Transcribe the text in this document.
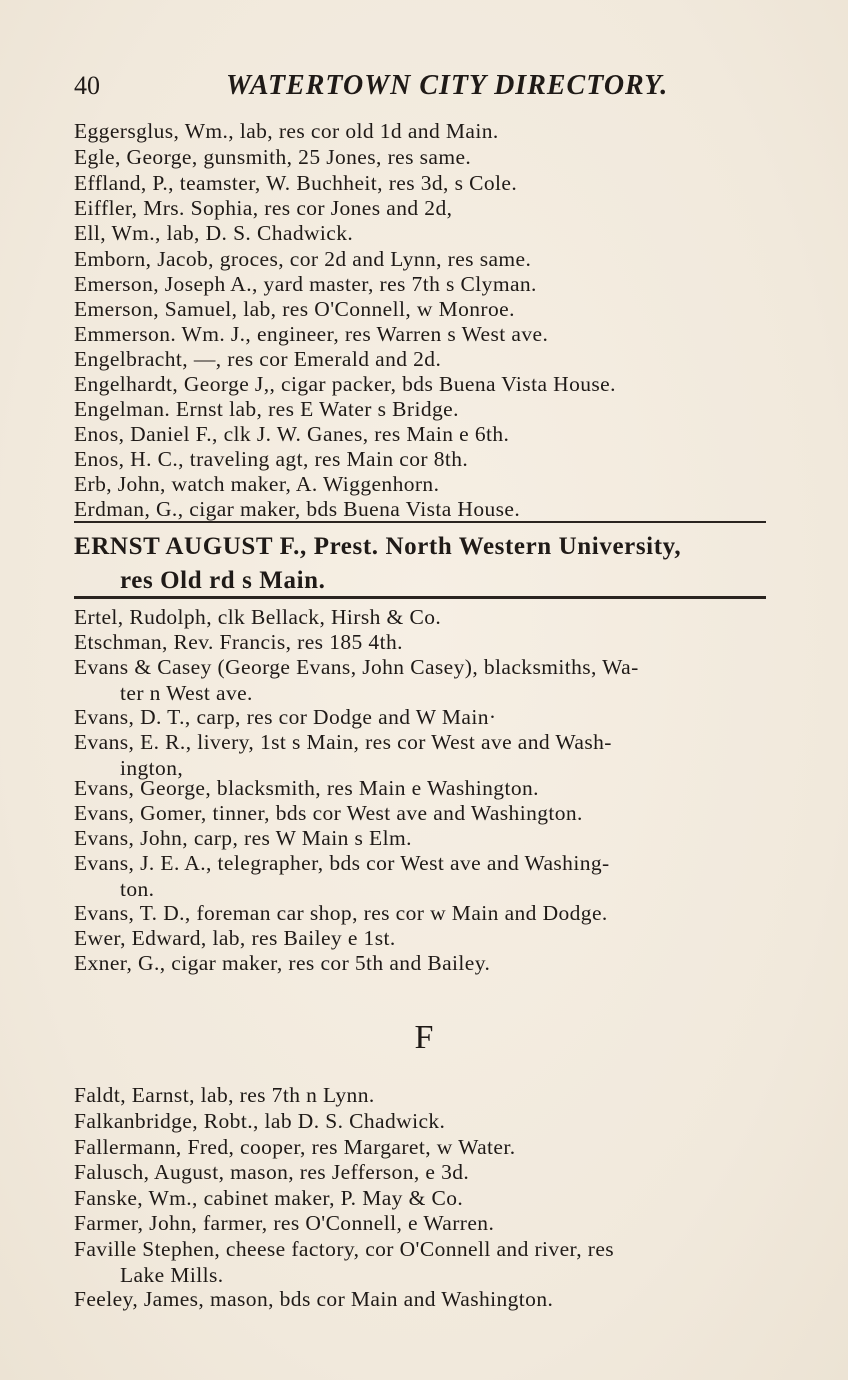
40	WATERTOWN CITY DIRECTORY.
Eggersglus, Wm., lab, res cor old 1d and Main.
Egle, George, gunsmith, 25 Jones, res same.
Effland, P., teamster, W. Buchheit, res 3d, s Cole.
Eiffler, Mrs. Sophia, res cor Jones and 2d,
Ell, Wm., lab, D. S. Chadwick.
Emborn, Jacob, groces, cor 2d and Lynn, res same.
Emerson, Joseph A., yard master, res 7th s Clyman.
Emerson, Samuel, lab, res O'Connell, w Monroe.
Emmerson. Wm. J., engineer, res Warren s West ave.
Engelbracht, —, res cor Emerald and 2d.
Engelhardt, George J,, cigar packer, bds Buena Vista House.
Engelman. Ernst lab, res E Water s Bridge.
Enos, Daniel F., clk J. W. Ganes, res Main e 6th.
Enos, H. C., traveling agt, res Main cor 8th.
Erb, John, watch maker, A. Wiggenhorn.
Erdman, G., cigar maker, bds Buena Vista House.
ERNST AUGUST F., Prest. North Western University,
res Old rd s Main.
Ertel, Rudolph, clk Bellack, Hirsh & Co.
Etschman, Rev. Francis, res 185 4th.
Evans & Casey (George Evans, John Casey), blacksmiths, Wa-
ter n West ave.
Evans, D. T., carp, res cor Dodge and W Main·
Evans, E. R., livery, 1st s Main, res cor West ave and Wash-
ington,
Evans, George, blacksmith, res Main e Washington.
Evans, Gomer, tinner, bds cor West ave and Washington.
Evans, John, carp, res W Main s Elm.
Evans, J. E. A., telegrapher, bds cor West ave and Washing-
ton.
Evans, T. D., foreman car shop, res cor w Main and Dodge.
Ewer, Edward, lab, res Bailey e 1st.
Exner, G., cigar maker, res cor 5th and Bailey.
F
Faldt, Earnst, lab, res 7th n Lynn.
Falkanbridge, Robt., lab D. S. Chadwick.
Fallermann, Fred, cooper, res Margaret, w Water.
Falusch, August, mason, res Jefferson, e 3d.
Fanske, Wm., cabinet maker, P. May & Co.
Farmer, John, farmer, res O'Connell, e Warren.
Faville Stephen, cheese factory, cor O'Connell and river, res
Lake Mills.
Feeley, James, mason, bds cor Main and Washington.
